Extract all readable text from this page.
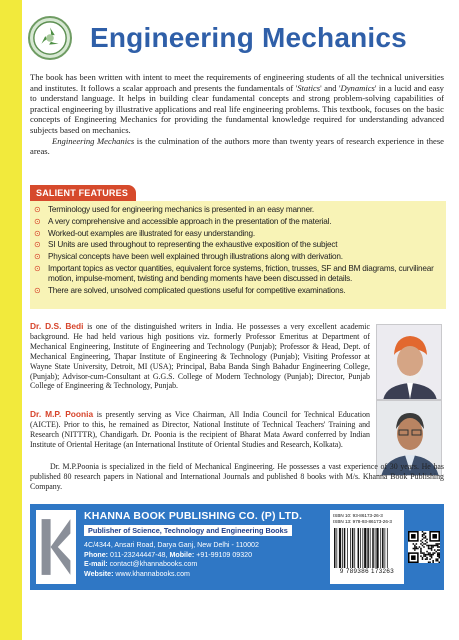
Engineering Mechanics

The book has been written with intent to meet the requirements of engineering students of all the technical universities and institutes. It follows a scalar approach and presents the fundamentals of 'Statics' and 'Dynamics' in a lucid and easy to understand language. It helps in building clear fundamental concepts and strong problem-solving capabilities of practical engineering by illustrative applications and real life engineering problems. This textbook, focuses on the basic concepts of Engineering Mechanics for providing the fundamental knowledge required for understanding advanced subjects based on mechanics.

Engineering Mechanics is the culmination of the authors more than twenty years of research experience in these areas.

SALIENT FEATURES
⊙ Terminology used for engineering mechanics is presented in an easy manner.
⊙ A very comprehensive and accessible approach in the presentation of the material.
⊙ Worked-out examples are illustrated for easy understanding.
⊙ SI Units are used throughout to representing the exhaustive exposition of the subject
⊙ Physical concepts have been well explained through illustrations along with derivation.
⊙ Important topics as vector quantities, equivalent force systems, friction, trusses, SF and BM diagrams, curvilinear motion, impulse-moment, twisting and bending moments have been discussed in details.
⊙ There are solved, unsolved complicated questions useful for competitive examinations.

Dr. D.S. Bedi is one of the distinguished writers in India. He possesses a very excellent academic background. He had held various high positions viz. formerly Professor Emeritus at Department of Mechanical Engineering, Institute of Engineering and Technology (Punjab); Professor & Head, Dept. of Mechanical Engineering, Thapar Institute of Engineering & Technology (Punjab); Visiting Professor at Wayne State University, Detroit, MI (USA); Principal, Baba Banda Singh Bahadur Engineering College, (Punjab); Advisor-cum-Consultant at G.G.S. College of Modern Technology (Punjab); Director, Punjab College of Engineering & Technology, Punjab.

Dr. M.P. Poonia is presently serving as Vice Chairman, All India Council for Technical Education (AICTE). Prior to this, he remained as Director, National Institute of Technical Teachers' Training and Research (NITTTR), Chandigarh. Dr. Poonia is the recipient of Bharat Mata Award conferred by Indian Institute of Oriental Heritage (an International Institute of Oriental Studies and Research, Kolkata).

Dr. M.P.Poonia is specialized in the field of Mechanical Engineering. He possesses a vast experience of 30 years. He has published 80 research papers in National and International Journals and published 8 books with M/s. Khanna Book Publishing Company.

KHANNA BOOK PUBLISHING CO. (P) LTD.
Publisher of Science, Technology and Engineering Books
4C/4344, Ansari Road, Darya Ganj, New Delhi - 110002
Phone: 011-23244447-48, Mobile: +91-99109 09320
E-mail: contact@khannabooks.com
Website: www.khannabooks.com
ISBN 10: 93-86173-26-3
ISBN 13: 978-93-86173-26-3
9 789386 173263
